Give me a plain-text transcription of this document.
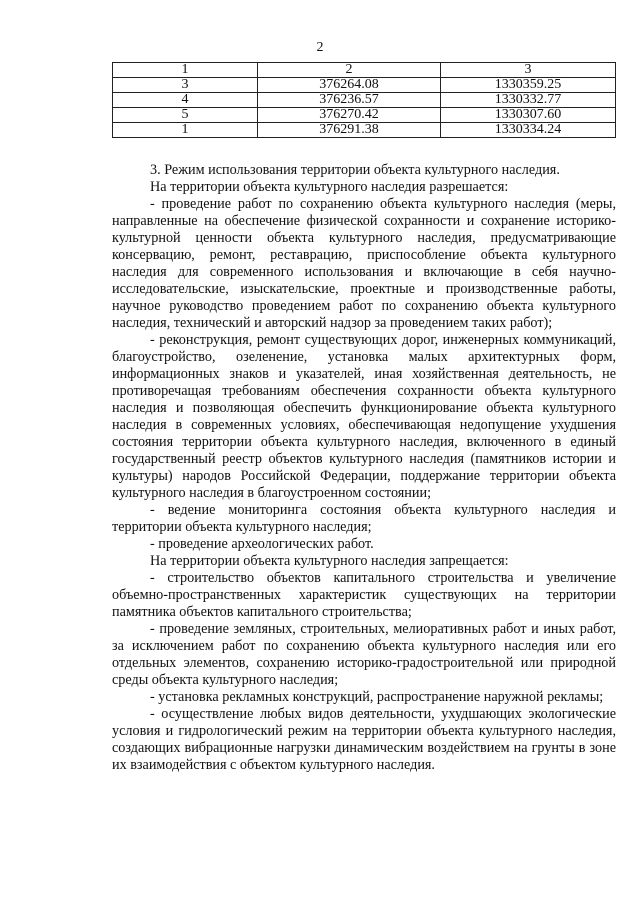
2
1	2	3
3	376264.08	1330359.25
4	376236.57	1330332.77
5	376270.42	1330307.60
1	376291.38	1330334.24

3. Режим использования территории объекта культурного наследия.

На территории объекта культурного наследия разрешается:

- проведение работ по сохранению объекта культурного наследия (меры, направленные на обеспечение физической сохранности и сохранение историко-культурной ценности объекта культурного наследия, предусматривающие консервацию, ремонт, реставрацию, приспособление объекта культурного наследия для современного использования и включающие в себя научно-исследовательские, изыскательские, проектные и производственные работы, научное руководство проведением работ по сохранению объекта культурного наследия, технический и авторский надзор за проведением таких работ);

- реконструкция, ремонт существующих дорог, инженерных коммуникаций, благоустройство, озеленение, установка малых архитектурных форм, информационных знаков и указателей, иная хозяйственная деятельность, не противоречащая требованиям обеспечения сохранности объекта культурного наследия и позволяющая обеспечить функционирование объекта культурного наследия в современных условиях, обеспечивающая недопущение ухудшения состояния территории объекта культурного наследия, включенного в единый государственный реестр объектов культурного наследия (памятников истории и культуры) народов Российской Федерации, поддержание территории объекта культурного наследия в благоустроенном состоянии;

- ведение мониторинга состояния объекта культурного наследия и территории объекта культурного наследия;

- проведение археологических работ.

На территории объекта культурного наследия запрещается:

- строительство объектов капитального строительства и увеличение объемно-пространственных характеристик существующих на территории памятника объектов капитального строительства;

- проведение земляных, строительных, мелиоративных работ и иных работ, за исключением работ по сохранению объекта культурного наследия или его отдельных элементов, сохранению историко-градостроительной или природной среды объекта культурного наследия;

- установка рекламных конструкций, распространение наружной рекламы;

- осуществление любых видов деятельности, ухудшающих экологические условия и гидрологический режим на территории объекта культурного наследия, создающих вибрационные нагрузки динамическим воздействием на грунты в зоне их взаимодействия с объектом культурного наследия.
